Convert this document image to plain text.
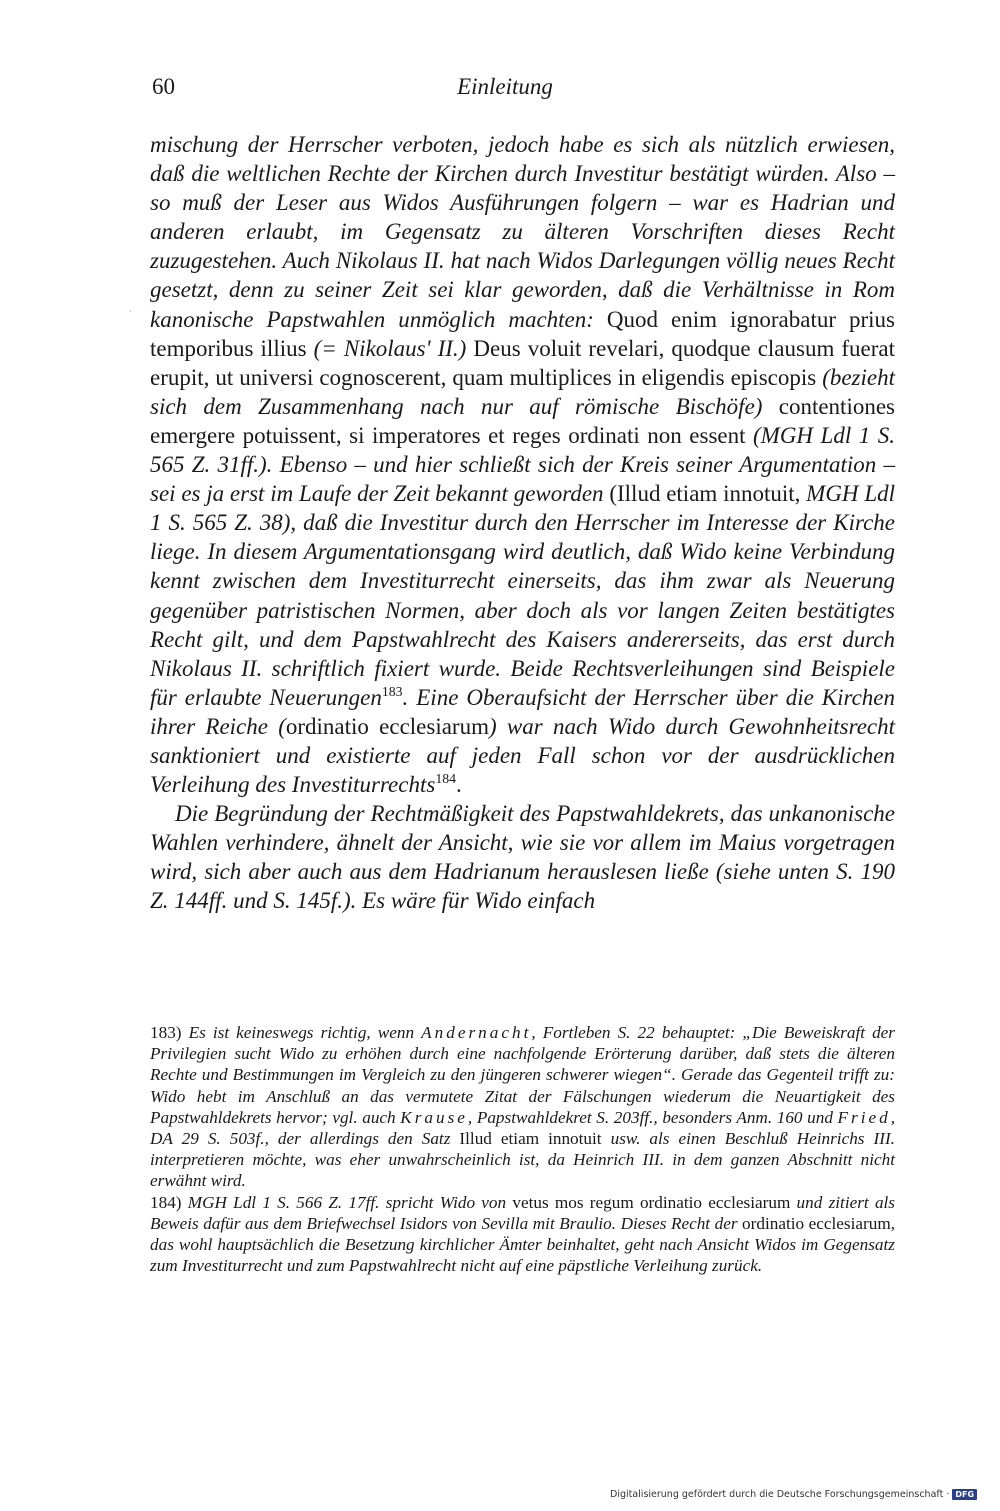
60	Einleitung
·

mischung der Herrscher verboten, jedoch habe es sich als nützlich erwiesen, daß die weltlichen Rechte der Kirchen durch Investitur bestätigt würden. Also – so muß der Leser aus Widos Ausführungen folgern – war es Hadrian und anderen erlaubt, im Gegensatz zu älteren Vorschriften dieses Recht zuzugestehen. Auch Nikolaus II. hat nach Widos Darlegungen völlig neues Recht gesetzt, denn zu seiner Zeit sei klar geworden, daß die Verhältnisse in Rom kanonische Papstwahlen unmöglich machten: Quod enim ignorabatur prius temporibus illius (= Nikolaus' II.) Deus voluit revelari, quodque clausum fuerat erupit, ut universi cognoscerent, quam multiplices in eligendis episcopis (bezieht sich dem Zusammenhang nach nur auf römische Bischöfe) contentiones emergere potuissent, si imperatores et reges ordinati non essent (MGH Ldl 1 S. 565 Z. 31ff.). Ebenso – und hier schließt sich der Kreis seiner Argumentation – sei es ja erst im Laufe der Zeit bekannt geworden (Illud etiam innotuit, MGH Ldl 1 S. 565 Z. 38), daß die Investitur durch den Herrscher im Interesse der Kirche liege. In diesem Argumentationsgang wird deutlich, daß Wido keine Verbindung kennt zwischen dem Investiturrecht einerseits, das ihm zwar als Neuerung gegenüber patristischen Normen, aber doch als vor langen Zeiten bestätigtes Recht gilt, und dem Papstwahlrecht des Kaisers andererseits, das erst durch Nikolaus II. schriftlich fixiert wurde. Beide Rechtsverleihungen sind Beispiele für erlaubte Neuerungen$^{183}$. Eine Oberaufsicht der Herrscher über die Kirchen ihrer Reiche (ordinatio ecclesiarum) war nach Wido durch Gewohnheitsrecht sanktioniert und existierte auf jeden Fall schon vor der ausdrücklichen Verleihung des Investiturrechts$^{184}$.

Die Begründung der Rechtmäßigkeit des Papstwahldekrets, das unkanonische Wahlen verhindere, ähnelt der Ansicht, wie sie vor allem im Maius vorgetragen wird, sich aber auch aus dem Hadrianum herauslesen ließe (siehe unten S. 190 Z. 144ff. und S. 145f.). Es wäre für Wido einfach

183) Es ist keineswegs richtig, wenn Andernacht, Fortleben S. 22 behauptet: „Die Beweiskraft der Privilegien sucht Wido zu erhöhen durch eine nachfolgende Erörterung darüber, daß stets die älteren Rechte und Bestimmungen im Vergleich zu den jüngeren schwerer wiegen“. Gerade das Gegenteil trifft zu: Wido hebt im Anschluß an das vermutete Zitat der Fälschungen wiederum die Neuartigkeit des Papstwahldekrets hervor; vgl. auch Krause, Papstwahldekret S. 203ff., besonders Anm. 160 und Fried, DA 29 S. 503f., der allerdings den Satz Illud etiam innotuit usw. als einen Beschluß Heinrichs III. interpretieren möchte, was eher unwahrscheinlich ist, da Heinrich III. in dem ganzen Abschnitt nicht erwähnt wird.

184) MGH Ldl 1 S. 566 Z. 17ff. spricht Wido von vetus mos regum ordinatio ecclesiarum und zitiert als Beweis dafür aus dem Briefwechsel Isidors von Sevilla mit Braulio. Dieses Recht der ordinatio ecclesiarum, das wohl hauptsächlich die Besetzung kirchlicher Ämter beinhaltet, geht nach Ansicht Widos im Gegensatz zum Investiturrecht und zum Papstwahlrecht nicht auf eine päpstliche Verleihung zurück.

Digitalisierung gefördert durch die Deutsche Forschungsgemeinschaft · DFG
